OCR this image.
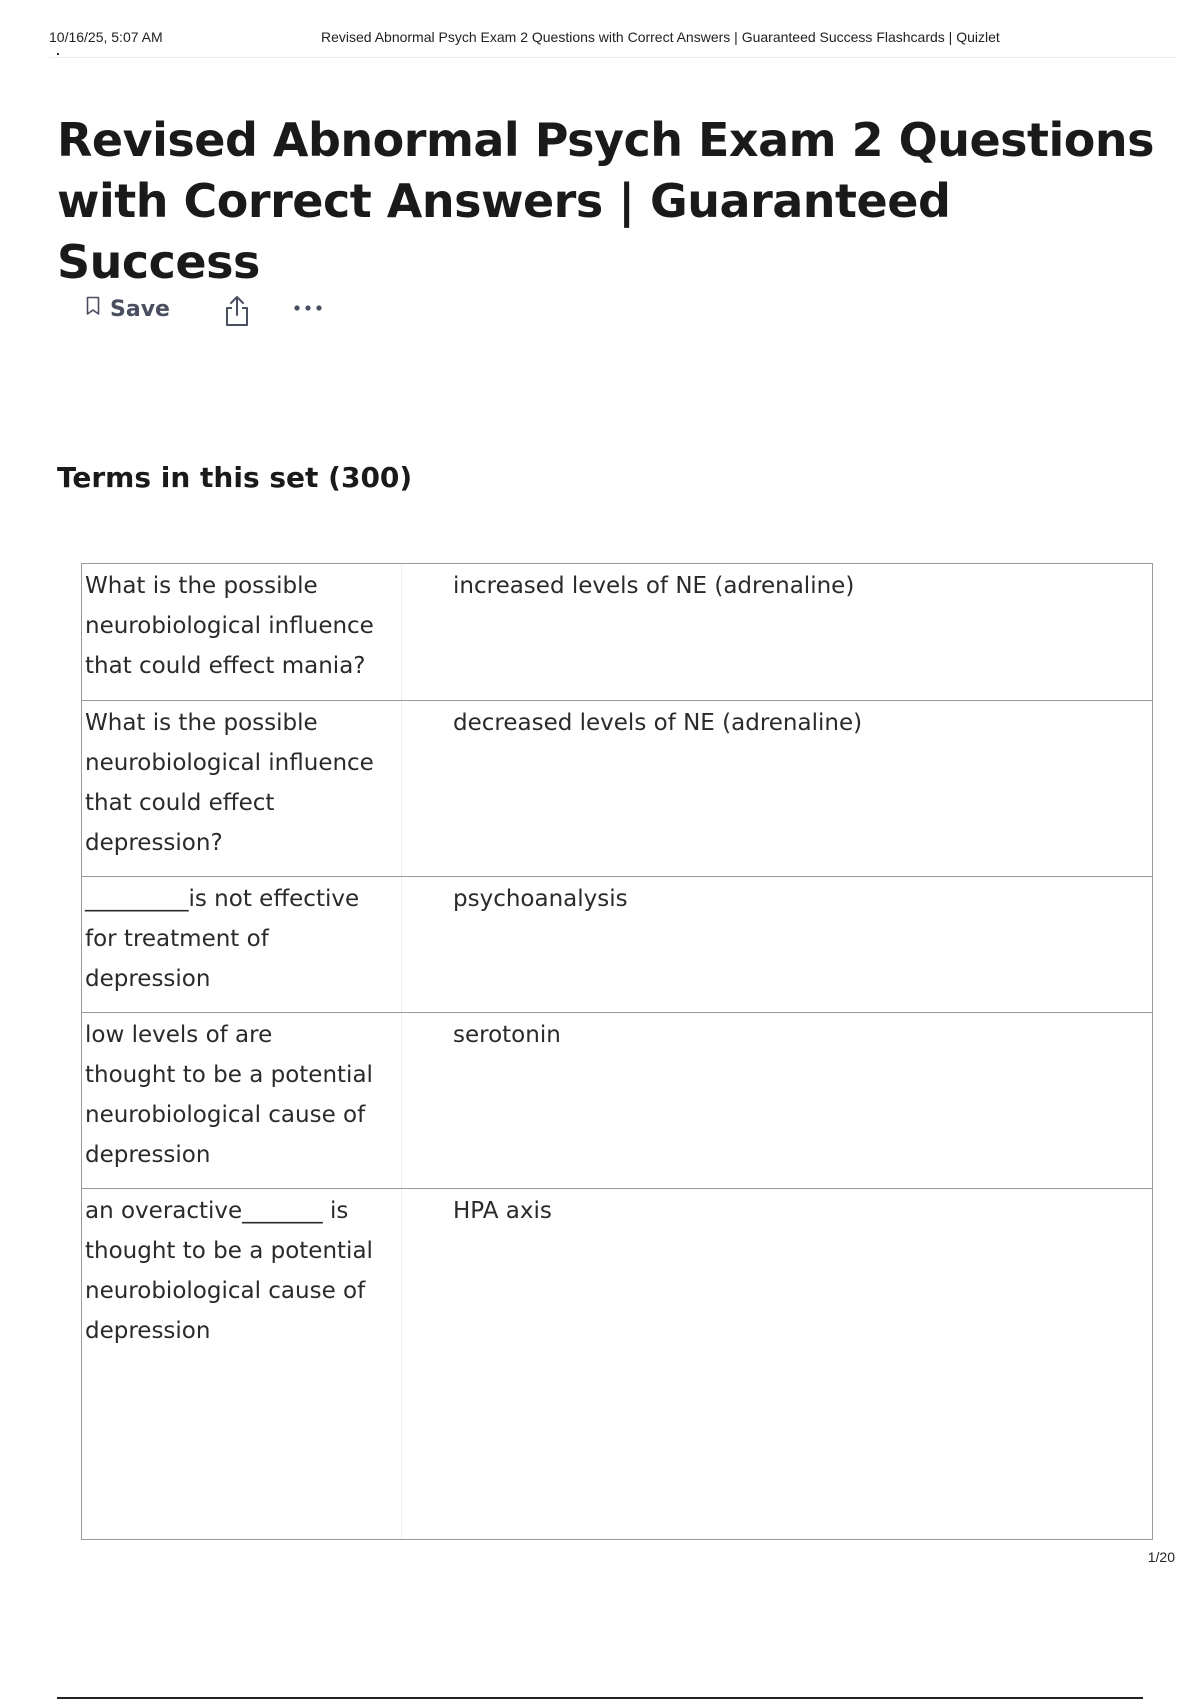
10/16/25, 5:07 AM	Revised Abnormal Psych Exam 2 Questions with Correct Answers | Guaranteed Success Flashcards | Quizlet
Revised Abnormal Psych Exam 2 Questions with Correct Answers | Guaranteed Success
Save
Terms in this set (300)
What is the possible
neurobiological influence
that could effect mania?
increased levels of NE (adrenaline)
What is the possible
neurobiological influence
that could effect
depression?
decreased levels of NE (adrenaline)
_________is not effective
for treatment of
depression
psychoanalysis
low levels of are
thought to be a potential
neurobiological cause of
depression
serotonin
an overactive_______ is
thought to be a potential
neurobiological cause of
depression
HPA axis
1/20
